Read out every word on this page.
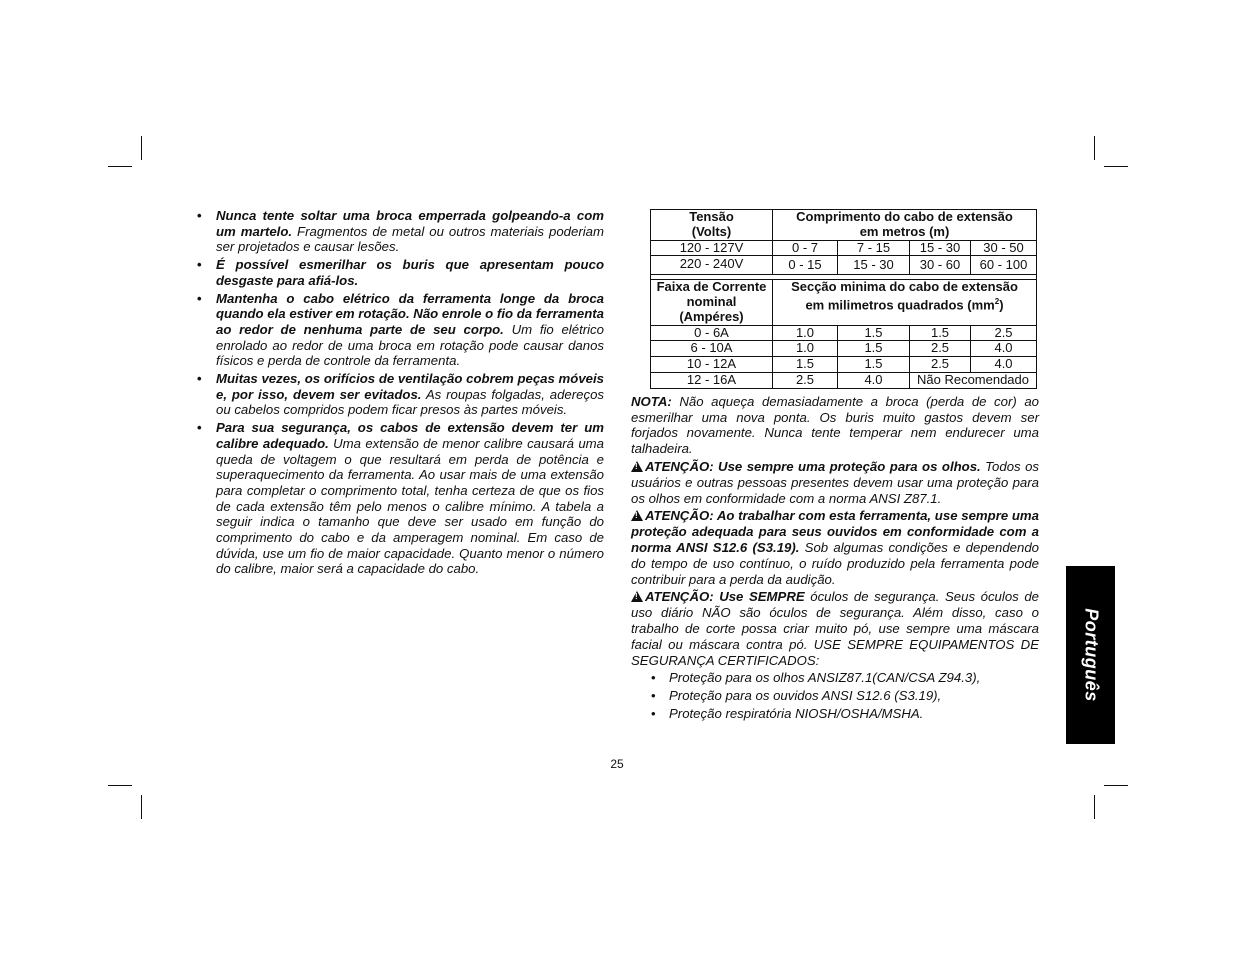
• Nunca tente soltar uma broca emperrada golpeando-a com um martelo. Fragmentos de metal ou outros materiais poderiam ser projetados e causar lesões.
• É possível esmerilhar os buris que apresentam pouco desgaste para afiá-los.
• Mantenha o cabo elétrico da ferramenta longe da broca quando ela estiver em rotação. Não enrole o fio da ferramenta ao redor de nenhuma parte de seu corpo. Um fio elétrico enrolado ao redor de uma broca em rotação pode causar danos físicos e perda de controle da ferramenta.
• Muitas vezes, os orifícios de ventilação cobrem peças móveis e, por isso, devem ser evitados. As roupas folgadas, adereços ou cabelos compridos podem ficar presos às partes móveis.
• Para sua segurança, os cabos de extensão devem ter um calibre adequado. Uma extensão de menor calibre causará uma queda de voltagem o que resultará em perda de potência e superaquecimento da ferramenta. Ao usar mais de uma extensão para completar o comprimento total, tenha certeza de que os fios de cada extensão têm pelo menos o calibre mínimo. A tabela a seguir indica o tamanho que deve ser usado em função do comprimento do cabo e da amperagem nominal. Em caso de dúvida, use um fio de maior capacidade. Quanto menor o número do calibre, maior será a capacidade do cabo.
Tensão
(Volts)	Comprimento do cabo de extensão
em metros (m)			
120 - 127V	0 - 7	7 - 15	15 - 30	30 - 50
220 - 240V	0 - 15	15 - 30	30 - 60	60 - 100

Faixa de Corrente
nominal
(Ampéres)	Secção minima do cabo de extensão
em milimetros quadrados $(mm^2)$			
0 - 6A	1.0	1.5	1.5	2.5
6 - 10A	1.0	1.5	2.5	4.0
10 - 12A	1.5	1.5	2.5	4.0
12 - 16A	2.5	4.0	Não Recomendado	
NOTA: Não aqueça demasiadamente a broca (perda de cor) ao esmerilhar uma nova ponta. Os buris muito gastos devem ser forjados novamente. Nunca tente temperar nem endurecer uma talhadeira.
! ATENÇÃO: Use sempre uma proteção para os olhos. Todos os usuários e outras pessoas presentes devem usar uma proteção para os olhos em conformidade com a norma ANSI Z87.1.
! ATENÇÃO: Ao trabalhar com esta ferramenta, use sempre uma proteção adequada para seus ouvidos em conformidade com a norma ANSI S12.6 (S3.19). Sob algumas condições e dependendo do tempo de uso contínuo, o ruído produzido pela ferramenta pode contribuir para a perda da audição.
! ATENÇÃO: Use SEMPRE óculos de segurança. Seus óculos de uso diário NÃO são óculos de segurança. Além disso, caso o trabalho de corte possa criar muito pó, use sempre uma máscara facial ou máscara contra pó. USE SEMPRE EQUIPAMENTOS DE SEGURANÇA CERTIFICADOS:
• Proteção para os olhos ANSIZ87.1(CAN/CSA Z94.3),
• Proteção para os ouvidos ANSI S12.6 (S3.19),
• Proteção respiratória NIOSH/OSHA/MSHA.
Português
25
